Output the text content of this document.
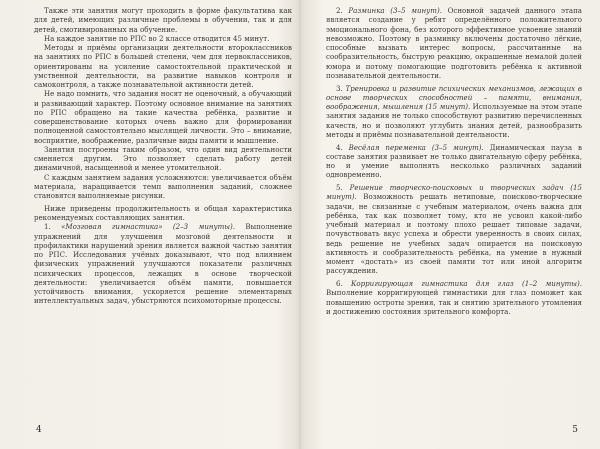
Также эти занятия могут проходить в форме факультатива как для детей, имеющих различные проблемы в обучении, так и для детей, смотивированных на обучение.

На каждое занятие по РПС во 2 классе отводится 45 минут.

Методы и приёмы организации деятельности второклассников на занятиях по РПС в большей степени, чем для первоклассников, ориентированы на усиление самостоятельной практической и умственной деятельности, на развитие навыков контроля и самоконтроля, а также познавательной активности детей.

Не надо помнить, что задания носят не оценочный, а обучающий и развивающий характер. Поэтому основное внимание на занятиях по РПС обращено на такие качества ребёнка, развитие и совершенствование которых очень важно для формирования полноценной самостоятельно мыслящей личности. Это – внимание, восприятие, воображение, различные виды памяти и мышление.

Занятия построены таким образом, что один вид деятельности сменяется другим. Это позволяет сделать работу детей динамичной, насыщенной и менее утомительной.

С каждым занятием задания усложняются: увеличивается объём материала, наращивается темп выполнения заданий, сложнее становятся выполняемые рисунки.

Ниже приведены продолжительность и общая характеристика рекомендуемых составляющих занятия.

1. «Мозговая гимнастика» (2–3 минуты). Выполнение упражнений для улучшения мозговой деятельности и профилактики нарушений зрения является важной частью занятия по РПС. Исследования учёных доказывают, что под влиянием физических упражнений улучшаются показатели различных психических процессов, лежащих в основе творческой деятельности: увеличивается объём памяти, повышается устойчивость внимания, ускоряется решение элементарных интеллектуальных задач, убыстряются психомоторные процессы.

4

2. Разминка (3–5 минут). Основной задачей данного этапа является создание у ребят определённого положительного эмоционального фона, без которого эффективное усвоение знаний невозможно. Поэтому в разминку включены достаточно лёгкие, способные вызвать интерес вопросы, рассчитанные на сообразительность, быструю реакцию, окрашенные немалой долей юмора и потому помогающие подготовить ребёнка к активной познавательной деятельности.

3. Тренировка и развитие психических механизмов, лежащих в основе творческих способностей – памяти, внимания, воображения, мышления (15 минут). Используемые на этом этапе занятия задания не только способствуют развитию перечисленных качеств, но и позволяют углубить знания детей, разнообразить методы и приёмы познавательной деятельности.

4. Весёлая переменка (3–5 минут). Динамическая пауза в составе занятия развивает не только двигательную сферу ребёнка, но и умение выполнять несколько различных заданий одновременно.

5. Решение творческо-поисковых и творческих задач (15 минут). Возможность решать нетиповые, поисково-творческие задачи, не связанные с учебным материалом, очень важна для ребёнка, так как позволяет тому, кто не усвоил какой-либо учебный материал и поэтому плохо решает типовые задачи, почувствовать вкус успеха и обрести уверенность в своих силах, ведь решение не учебных задач опирается на поисковую активность и сообразительность ребёнка, на умение в нужный момент «достать» из своей памяти тот или иной алгоритм рассуждения.

6. Корригирующая гимнастика для глаз (1–2 минуты). Выполнение корригирующей гимнастики для глаз поможет как повышению остроты зрения, так и снятию зрительного утомления и достижению состояния зрительного комфорта.

5
